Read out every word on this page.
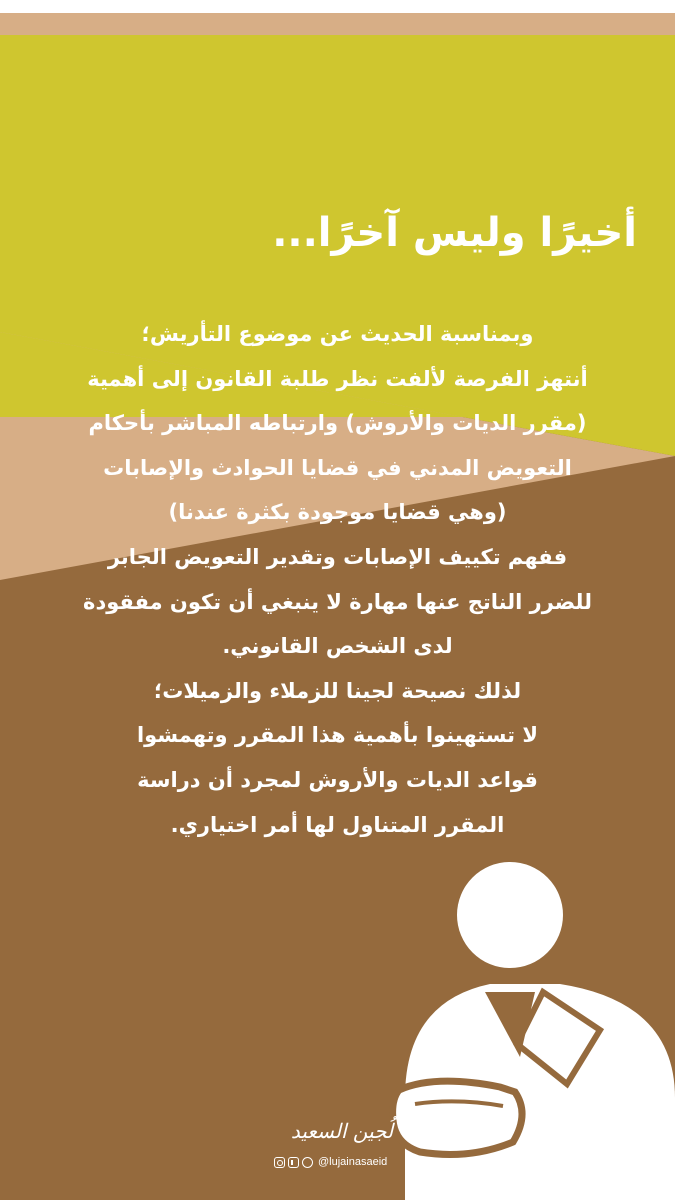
أخيرًا وليس آخرًا...
وبمناسبة الحديث عن موضوع التأريش؛
أنتهز الفرصة لألفت نظر طلبة القانون إلى أهمية
(مقرر الديات والأروش) وارتباطه المباشر بأحكام
التعويض المدني في قضايا الحوادث والإصابات
(وهي قضايا موجودة بكثرة عندنا)
ففهم تكييف الإصابات وتقدير التعويض الجابر
للضرر الناتج عنها مهارة لا ينبغي أن تكون مفقودة
لدى الشخص القانوني.
لذلك نصيحة لجينا للزملاء والزميلات؛
لا تستهينوا بأهمية هذا المقرر وتهمشوا
قواعد الديات والأروش لمجرد أن دراسة
المقرر المتناول لها أمر اختياري.
لُجين السعيد
@lujainasaeid
